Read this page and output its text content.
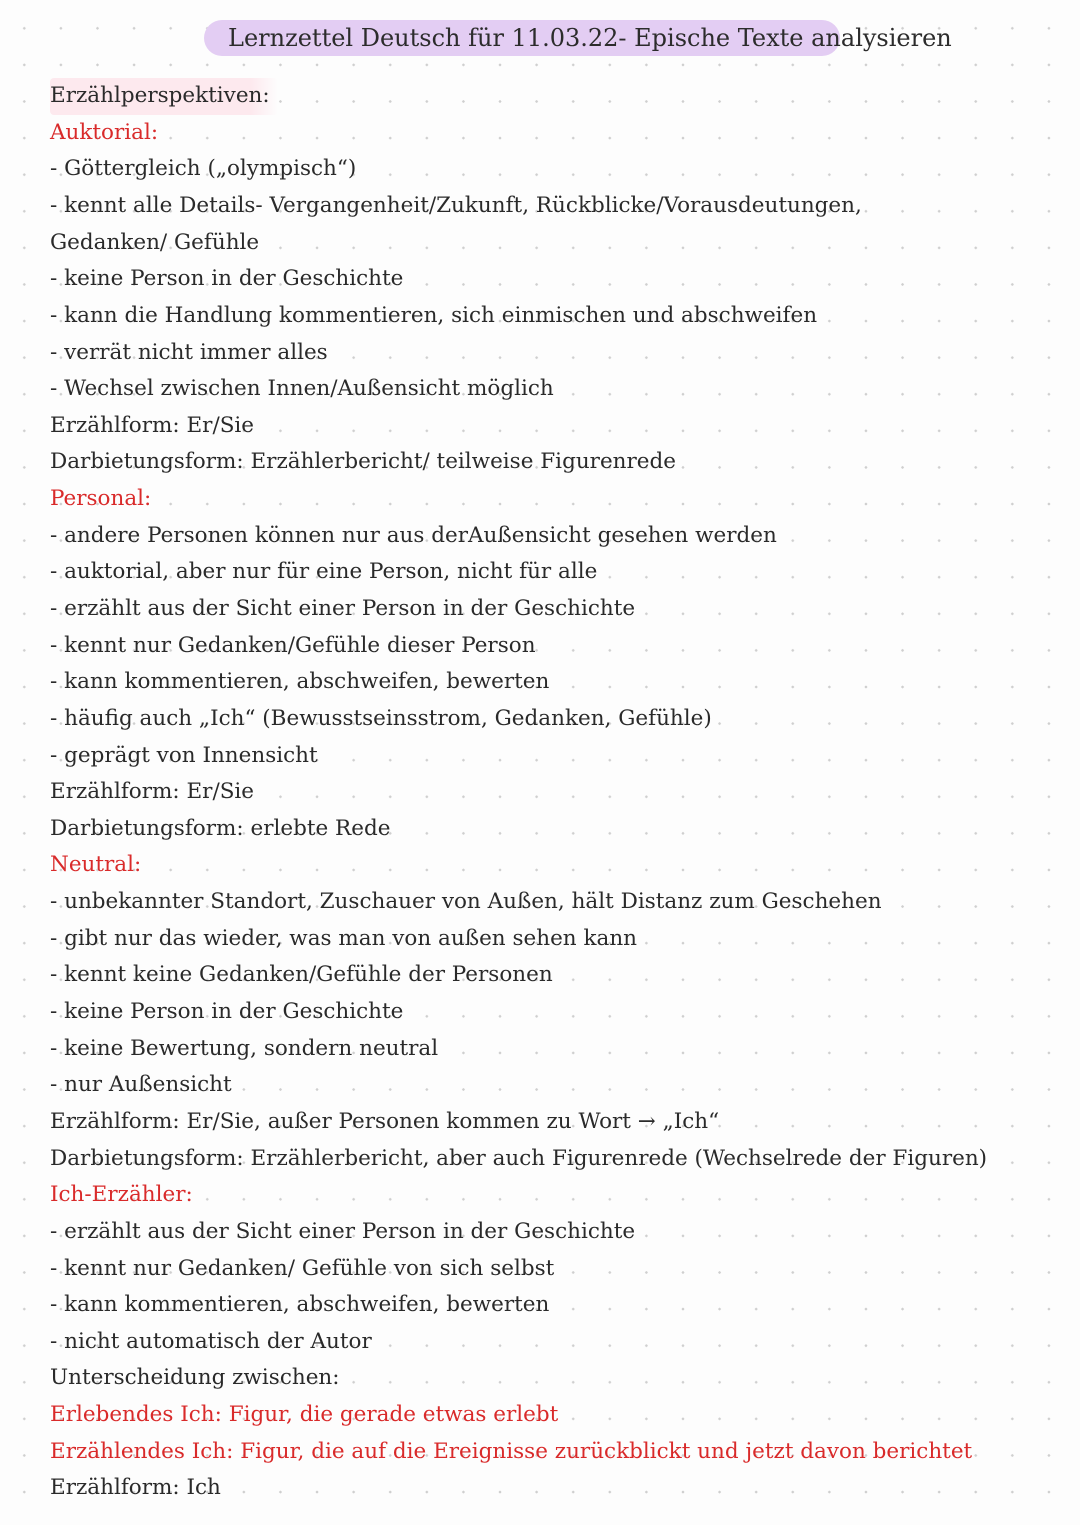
Lernzettel Deutsch für 11.03.22- Epische Texte analysieren
Erzählperspektiven:
Auktorial:
- Göttergleich („olympisch“)
- kennt alle Details- Vergangenheit/Zukunft, Rückblicke/Vorausdeutungen, Gedanken/ Gefühle
- keine Person in der Geschichte
- kann die Handlung kommentieren, sich einmischen und abschweifen
- verrät nicht immer alles
- Wechsel zwischen Innen/Außensicht möglich
Erzählform: Er/Sie
Darbietungsform: Erzählerbericht/ teilweise Figurenrede
Personal:
- andere Personen können nur aus derAußensicht gesehen werden
- auktorial, aber nur für eine Person, nicht für alle
- erzählt aus der Sicht einer Person in der Geschichte
- kennt nur Gedanken/Gefühle dieser Person
- kann kommentieren, abschweifen, bewerten
- häufig auch „Ich“ (Bewusstseinsstrom, Gedanken, Gefühle)
- geprägt von Innensicht
Erzählform: Er/Sie
Darbietungsform: erlebte Rede
Neutral:
- unbekannter Standort, Zuschauer von Außen, hält Distanz zum Geschehen
- gibt nur das wieder, was man von außen sehen kann
- kennt keine Gedanken/Gefühle der Personen
- keine Person in der Geschichte
- keine Bewertung, sondern neutral
- nur Außensicht
Erzählform: Er/Sie, außer Personen kommen zu Wort → „Ich“
Darbietungsform: Erzählerbericht, aber auch Figurenrede (Wechselrede der Figuren)
Ich-Erzähler:
- erzählt aus der Sicht einer Person in der Geschichte
- kennt nur Gedanken/ Gefühle von sich selbst
- kann kommentieren, abschweifen, bewerten
- nicht automatisch der Autor
Unterscheidung zwischen:
Erlebendes Ich: Figur, die gerade etwas erlebt
Erzählendes Ich: Figur, die auf die Ereignisse zurückblickt und jetzt davon berichtet
Erzählform: Ich
